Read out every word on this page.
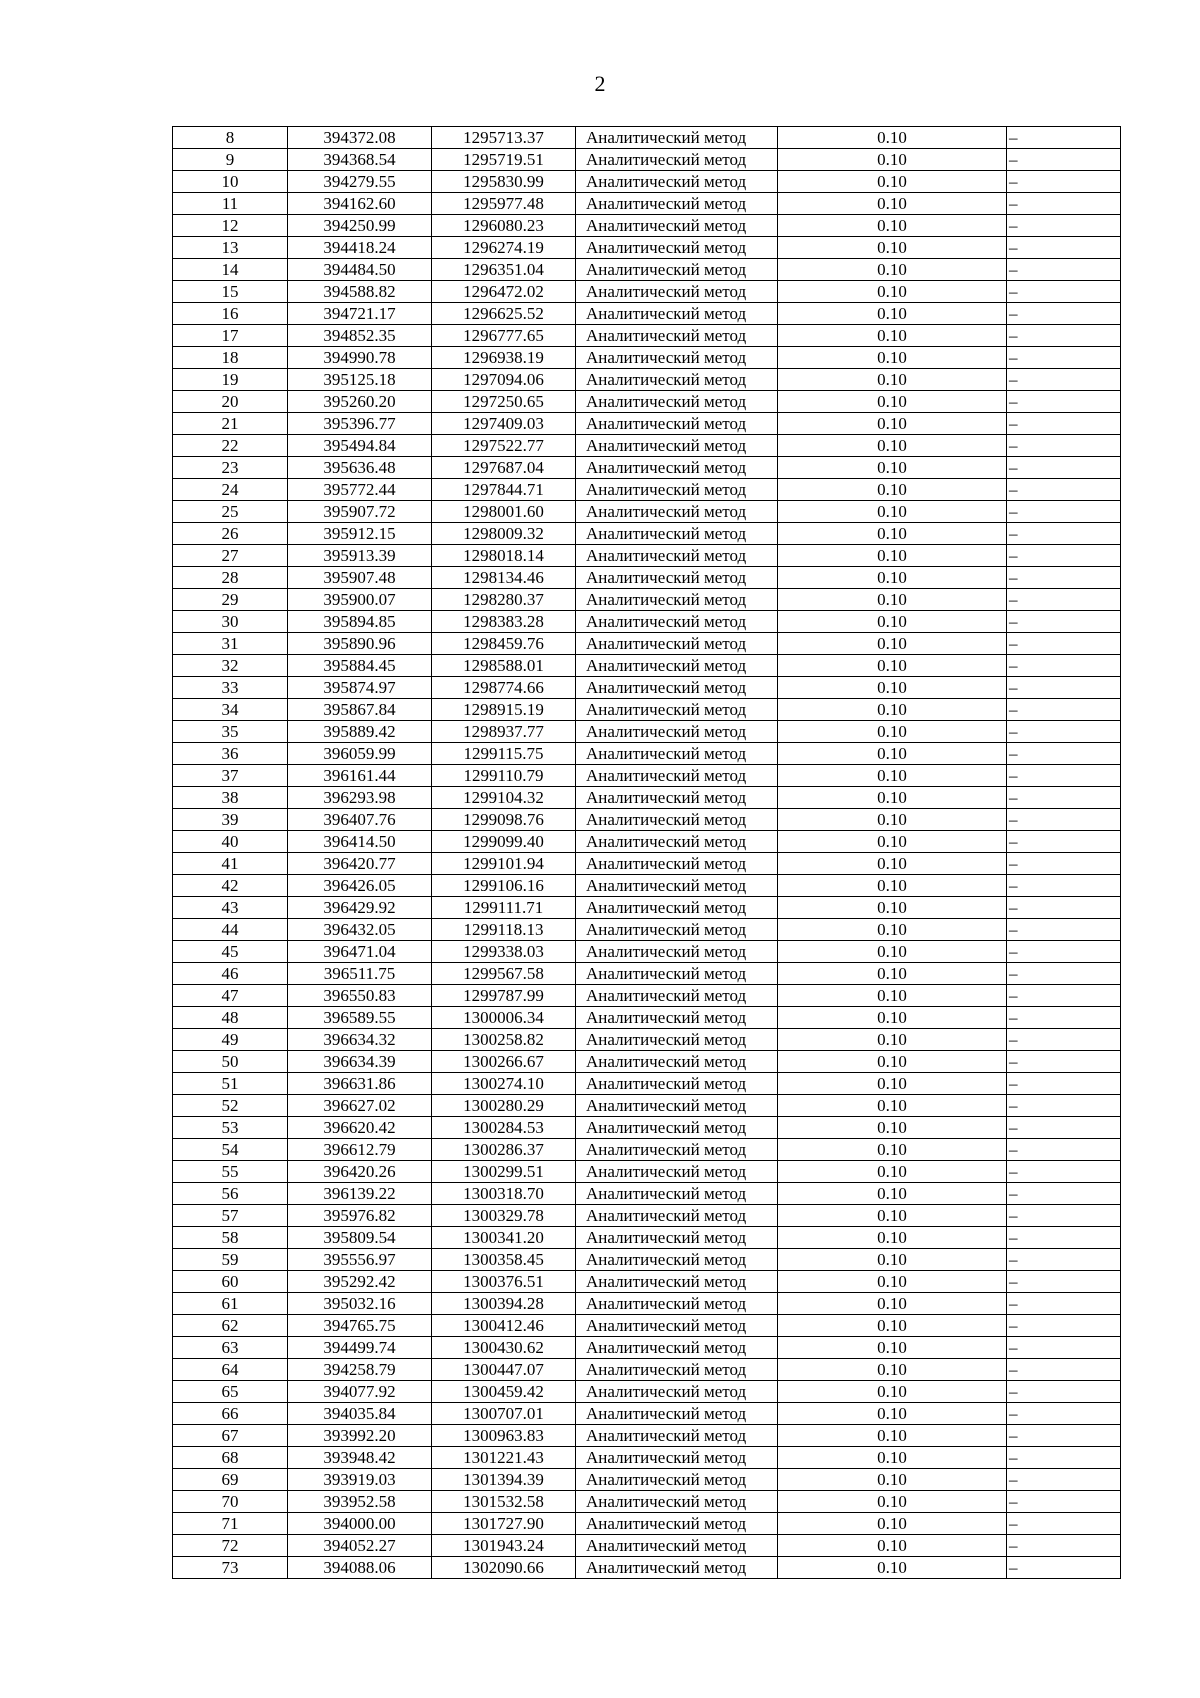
2
8	394372.08	1295713.37	Аналитический метод	0.10	–
9	394368.54	1295719.51	Аналитический метод	0.10	–
10	394279.55	1295830.99	Аналитический метод	0.10	–
11	394162.60	1295977.48	Аналитический метод	0.10	–
12	394250.99	1296080.23	Аналитический метод	0.10	–
13	394418.24	1296274.19	Аналитический метод	0.10	–
14	394484.50	1296351.04	Аналитический метод	0.10	–
15	394588.82	1296472.02	Аналитический метод	0.10	–
16	394721.17	1296625.52	Аналитический метод	0.10	–
17	394852.35	1296777.65	Аналитический метод	0.10	–
18	394990.78	1296938.19	Аналитический метод	0.10	–
19	395125.18	1297094.06	Аналитический метод	0.10	–
20	395260.20	1297250.65	Аналитический метод	0.10	–
21	395396.77	1297409.03	Аналитический метод	0.10	–
22	395494.84	1297522.77	Аналитический метод	0.10	–
23	395636.48	1297687.04	Аналитический метод	0.10	–
24	395772.44	1297844.71	Аналитический метод	0.10	–
25	395907.72	1298001.60	Аналитический метод	0.10	–
26	395912.15	1298009.32	Аналитический метод	0.10	–
27	395913.39	1298018.14	Аналитический метод	0.10	–
28	395907.48	1298134.46	Аналитический метод	0.10	–
29	395900.07	1298280.37	Аналитический метод	0.10	–
30	395894.85	1298383.28	Аналитический метод	0.10	–
31	395890.96	1298459.76	Аналитический метод	0.10	–
32	395884.45	1298588.01	Аналитический метод	0.10	–
33	395874.97	1298774.66	Аналитический метод	0.10	–
34	395867.84	1298915.19	Аналитический метод	0.10	–
35	395889.42	1298937.77	Аналитический метод	0.10	–
36	396059.99	1299115.75	Аналитический метод	0.10	–
37	396161.44	1299110.79	Аналитический метод	0.10	–
38	396293.98	1299104.32	Аналитический метод	0.10	–
39	396407.76	1299098.76	Аналитический метод	0.10	–
40	396414.50	1299099.40	Аналитический метод	0.10	–
41	396420.77	1299101.94	Аналитический метод	0.10	–
42	396426.05	1299106.16	Аналитический метод	0.10	–
43	396429.92	1299111.71	Аналитический метод	0.10	–
44	396432.05	1299118.13	Аналитический метод	0.10	–
45	396471.04	1299338.03	Аналитический метод	0.10	–
46	396511.75	1299567.58	Аналитический метод	0.10	–
47	396550.83	1299787.99	Аналитический метод	0.10	–
48	396589.55	1300006.34	Аналитический метод	0.10	–
49	396634.32	1300258.82	Аналитический метод	0.10	–
50	396634.39	1300266.67	Аналитический метод	0.10	–
51	396631.86	1300274.10	Аналитический метод	0.10	–
52	396627.02	1300280.29	Аналитический метод	0.10	–
53	396620.42	1300284.53	Аналитический метод	0.10	–
54	396612.79	1300286.37	Аналитический метод	0.10	–
55	396420.26	1300299.51	Аналитический метод	0.10	–
56	396139.22	1300318.70	Аналитический метод	0.10	–
57	395976.82	1300329.78	Аналитический метод	0.10	–
58	395809.54	1300341.20	Аналитический метод	0.10	–
59	395556.97	1300358.45	Аналитический метод	0.10	–
60	395292.42	1300376.51	Аналитический метод	0.10	–
61	395032.16	1300394.28	Аналитический метод	0.10	–
62	394765.75	1300412.46	Аналитический метод	0.10	–
63	394499.74	1300430.62	Аналитический метод	0.10	–
64	394258.79	1300447.07	Аналитический метод	0.10	–
65	394077.92	1300459.42	Аналитический метод	0.10	–
66	394035.84	1300707.01	Аналитический метод	0.10	–
67	393992.20	1300963.83	Аналитический метод	0.10	–
68	393948.42	1301221.43	Аналитический метод	0.10	–
69	393919.03	1301394.39	Аналитический метод	0.10	–
70	393952.58	1301532.58	Аналитический метод	0.10	–
71	394000.00	1301727.90	Аналитический метод	0.10	–
72	394052.27	1301943.24	Аналитический метод	0.10	–
73	394088.06	1302090.66	Аналитический метод	0.10	–
